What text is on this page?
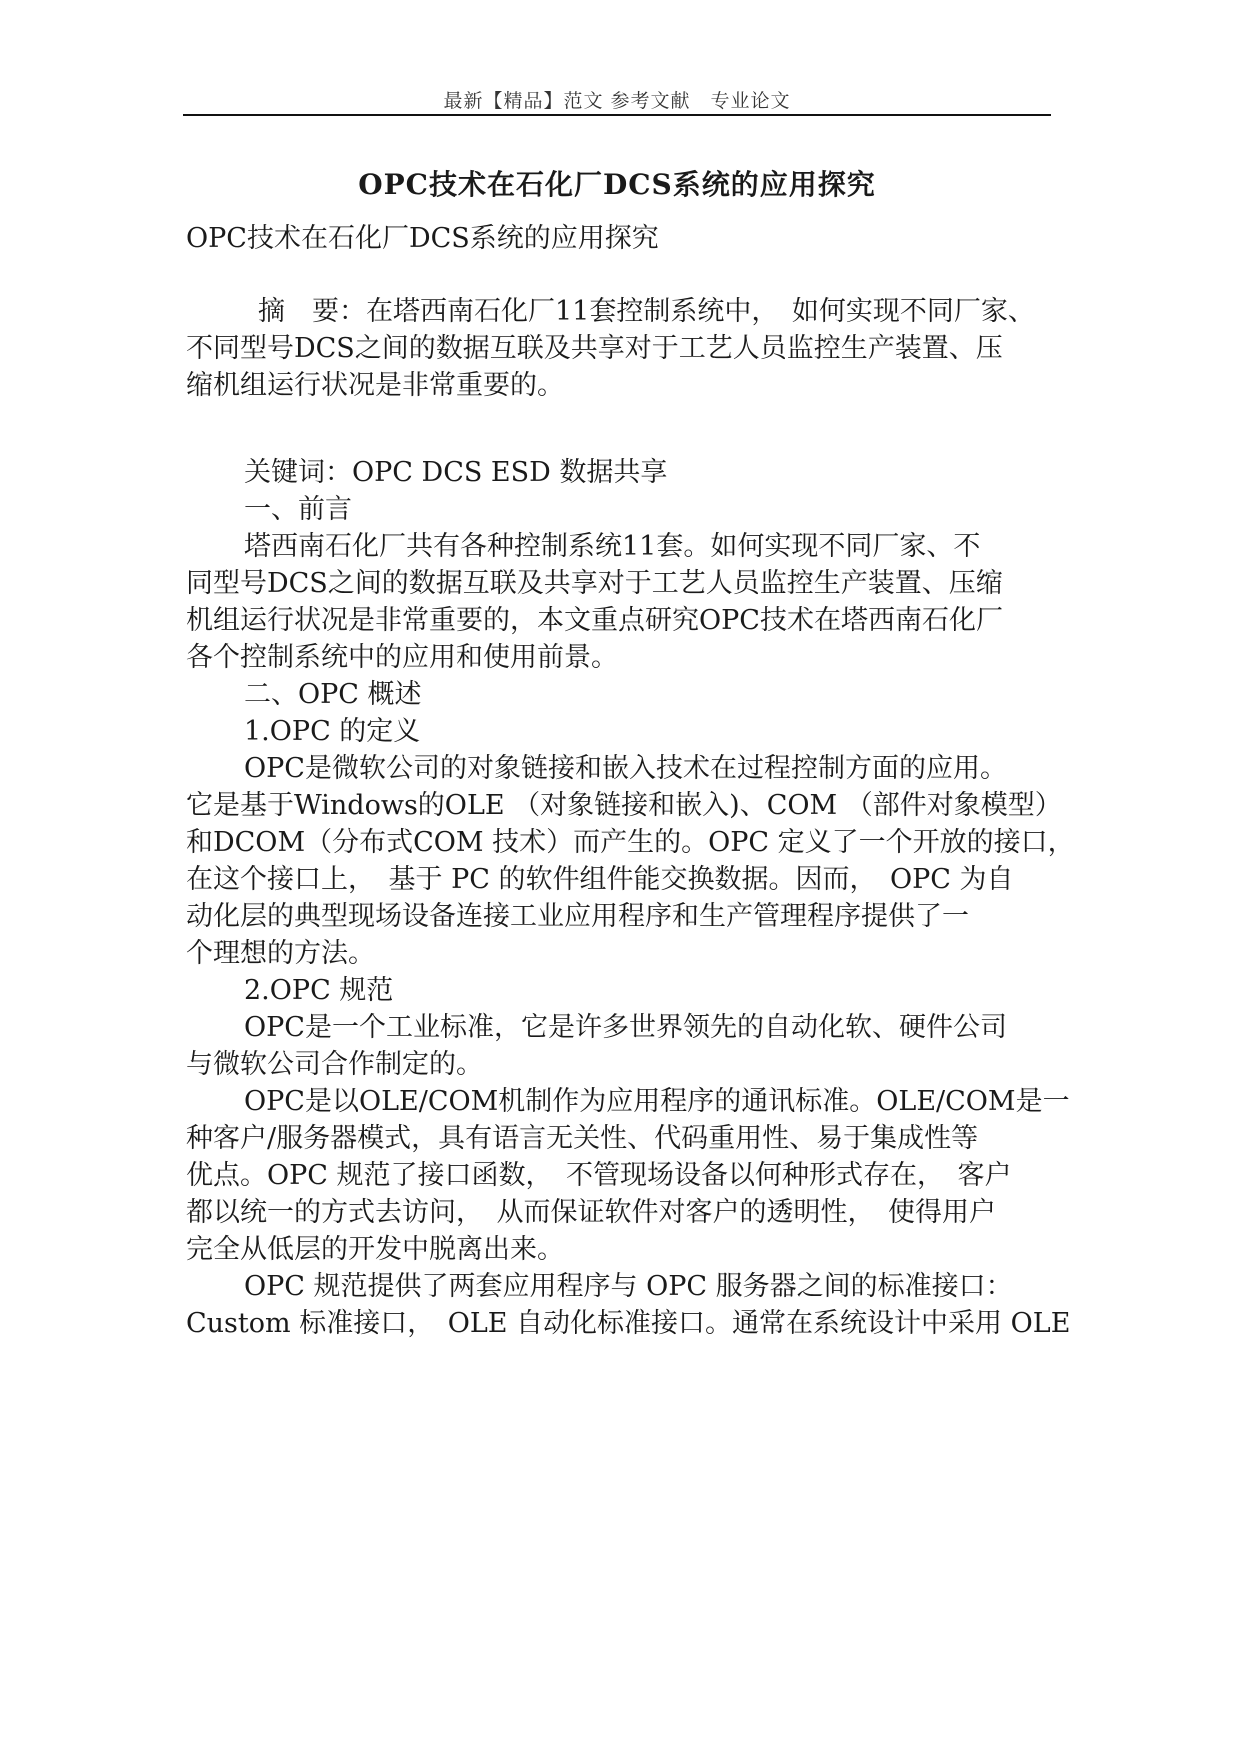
最新【精品】范文 参考文献　专业论文
OPC技术在石化厂DCS系统的应用探究
OPC技术在石化厂DCS系统的应用探究
摘　要：在塔西南石化厂11套控制系统中，　如何实现不同厂家、
不同型号DCS之间的数据互联及共享对于工艺人员监控生产装置、压
缩机组运行状况是非常重要的。
关键词：OPC DCS ESD 数据共享
一、前言
塔西南石化厂共有各种控制系统11套。如何实现不同厂家、不
同型号DCS之间的数据互联及共享对于工艺人员监控生产装置、压缩
机组运行状况是非常重要的，本文重点研究OPC技术在塔西南石化厂
各个控制系统中的应用和使用前景。
二、OPC 概述
1.OPC 的定义
OPC是微软公司的对象链接和嵌入技术在过程控制方面的应用。
它是基于Windows的OLE （对象链接和嵌入)、COM （部件对象模型）
和DCOM（分布式COM 技术）而产生的。OPC 定义了一个开放的接口，
在这个接口上，　基于 PC 的软件组件能交换数据。因而，　OPC 为自
动化层的典型现场设备连接工业应用程序和生产管理程序提供了一
个理想的方法。
2.OPC 规范
OPC是一个工业标准，它是许多世界领先的自动化软、硬件公司
与微软公司合作制定的。
OPC是以OLE/COM机制作为应用程序的通讯标准。OLE/COM是一
种客户/服务器模式，具有语言无关性、代码重用性、易于集成性等
优点。OPC 规范了接口函数，　不管现场设备以何种形式存在，　客户
都以统一的方式去访问，　从而保证软件对客户的透明性，　使得用户
完全从低层的开发中脱离出来。
OPC 规范提供了两套应用程序与 OPC 服务器之间的标准接口：
Custom 标准接口，　OLE 自动化标准接口。通常在系统设计中采用 OLE
